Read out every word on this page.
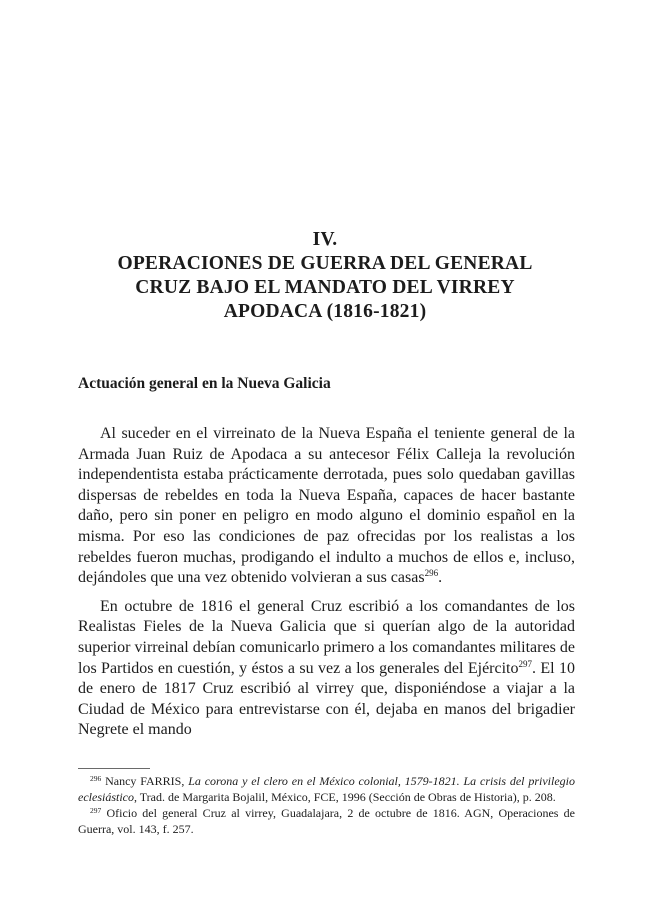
IV.
OPERACIONES DE GUERRA DEL GENERAL
CRUZ BAJO EL MANDATO DEL VIRREY
APODACA (1816-1821)
Actuación general en la Nueva Galicia

Al suceder en el virreinato de la Nueva España el teniente general de la Armada Juan Ruiz de Apodaca a su antecesor Félix Calleja la revolución independentista estaba prácticamente derrotada, pues solo quedaban gavillas dispersas de rebeldes en toda la Nueva España, capaces de hacer bastante daño, pero sin poner en peligro en modo alguno el dominio español en la misma. Por eso las condiciones de paz ofrecidas por los realistas a los rebeldes fueron muchas, prodigando el indulto a muchos de ellos e, incluso, dejándoles que una vez obtenido volvieran a sus casas$^{296}$.

En octubre de 1816 el general Cruz escribió a los comandantes de los Realistas Fieles de la Nueva Galicia que si querían algo de la autoridad superior virreinal debían comunicarlo primero a los comandantes militares de los Partidos en cuestión, y éstos a su vez a los generales del Ejército$^{297}$. El 10 de enero de 1817 Cruz escribió al virrey que, disponiéndose a viajar a la Ciudad de México para entrevistarse con él, dejaba en manos del brigadier Negrete el mando

$^{296}$ Nancy FARRIS, La corona y el clero en el México colonial, 1579-1821. La crisis del privilegio eclesiástico, Trad. de Margarita Bojalil, México, FCE, 1996 (Sección de Obras de Historia), p. 208.

$^{297}$ Oficio del general Cruz al virrey, Guadalajara, 2 de octubre de 1816. AGN, Operaciones de Guerra, vol. 143, f. 257.
